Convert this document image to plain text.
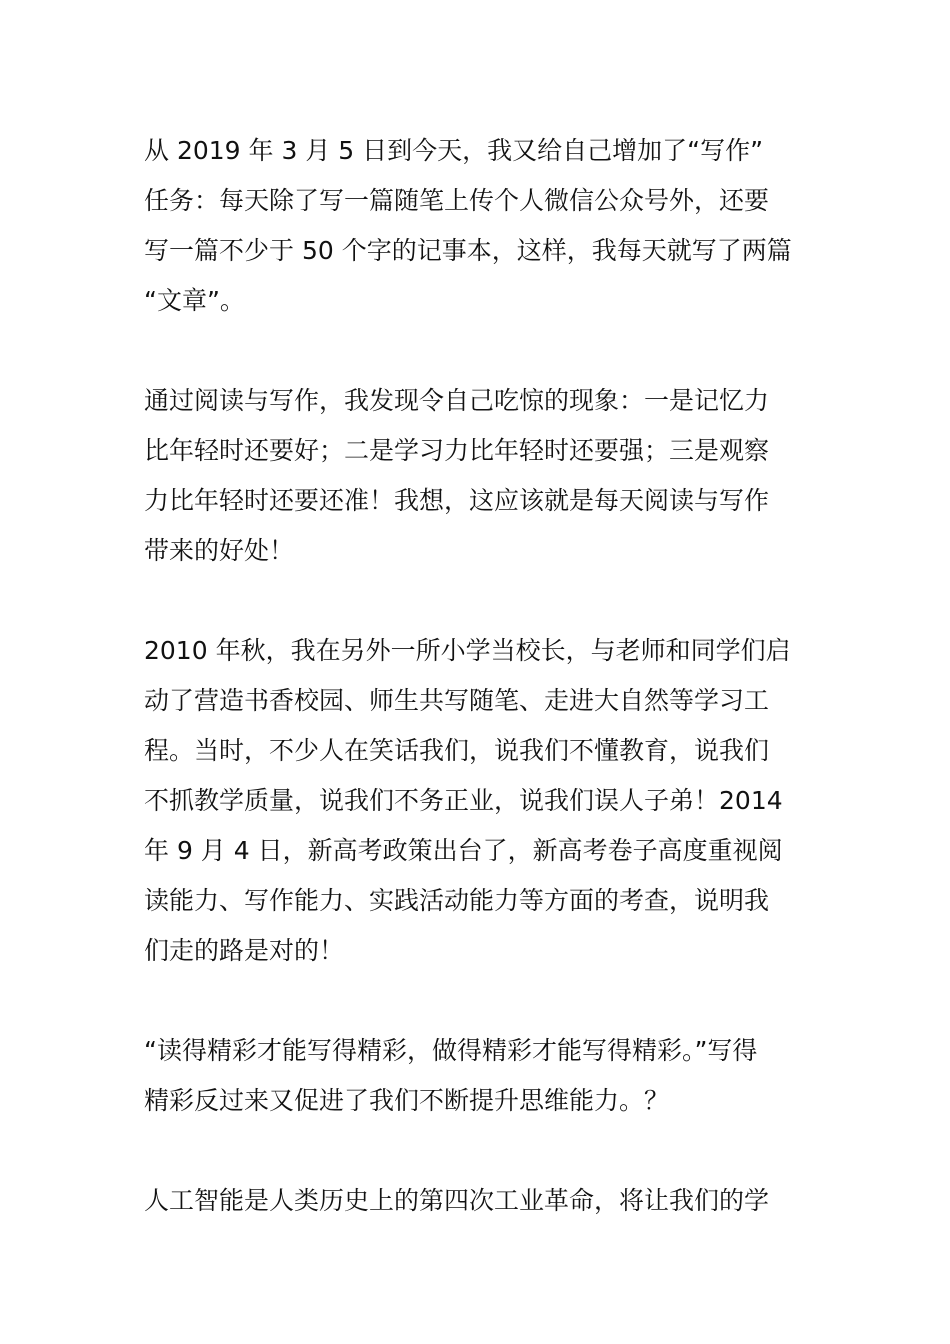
从 2019 年 3 月 5 日到今天，我又给自己增加了“写作”
任务：每天除了写一篇随笔上传个人微信公众号外，还要
写一篇不少于 50 个字的记事本，这样，我每天就写了两篇
“文章”。
通过阅读与写作，我发现令自己吃惊的现象：一是记忆力
比年轻时还要好；二是学习力比年轻时还要强；三是观察
力比年轻时还要还准！我想，这应该就是每天阅读与写作
带来的好处！
2010 年秋，我在另外一所小学当校长，与老师和同学们启
动了营造书香校园、师生共写随笔、走进大自然等学习工
程。当时，不少人在笑话我们，说我们不懂教育，说我们
不抓教学质量，说我们不务正业，说我们误人子弟！2014
年 9 月 4 日，新高考政策出台了，新高考卷子高度重视阅
读能力、写作能力、实践活动能力等方面的考查，说明我
们走的路是对的！
“读得精彩才能写得精彩，做得精彩才能写得精彩。”写得
精彩反过来又促进了我们不断提升思维能力。？
人工智能是人类历史上的第四次工业革命，将让我们的学
